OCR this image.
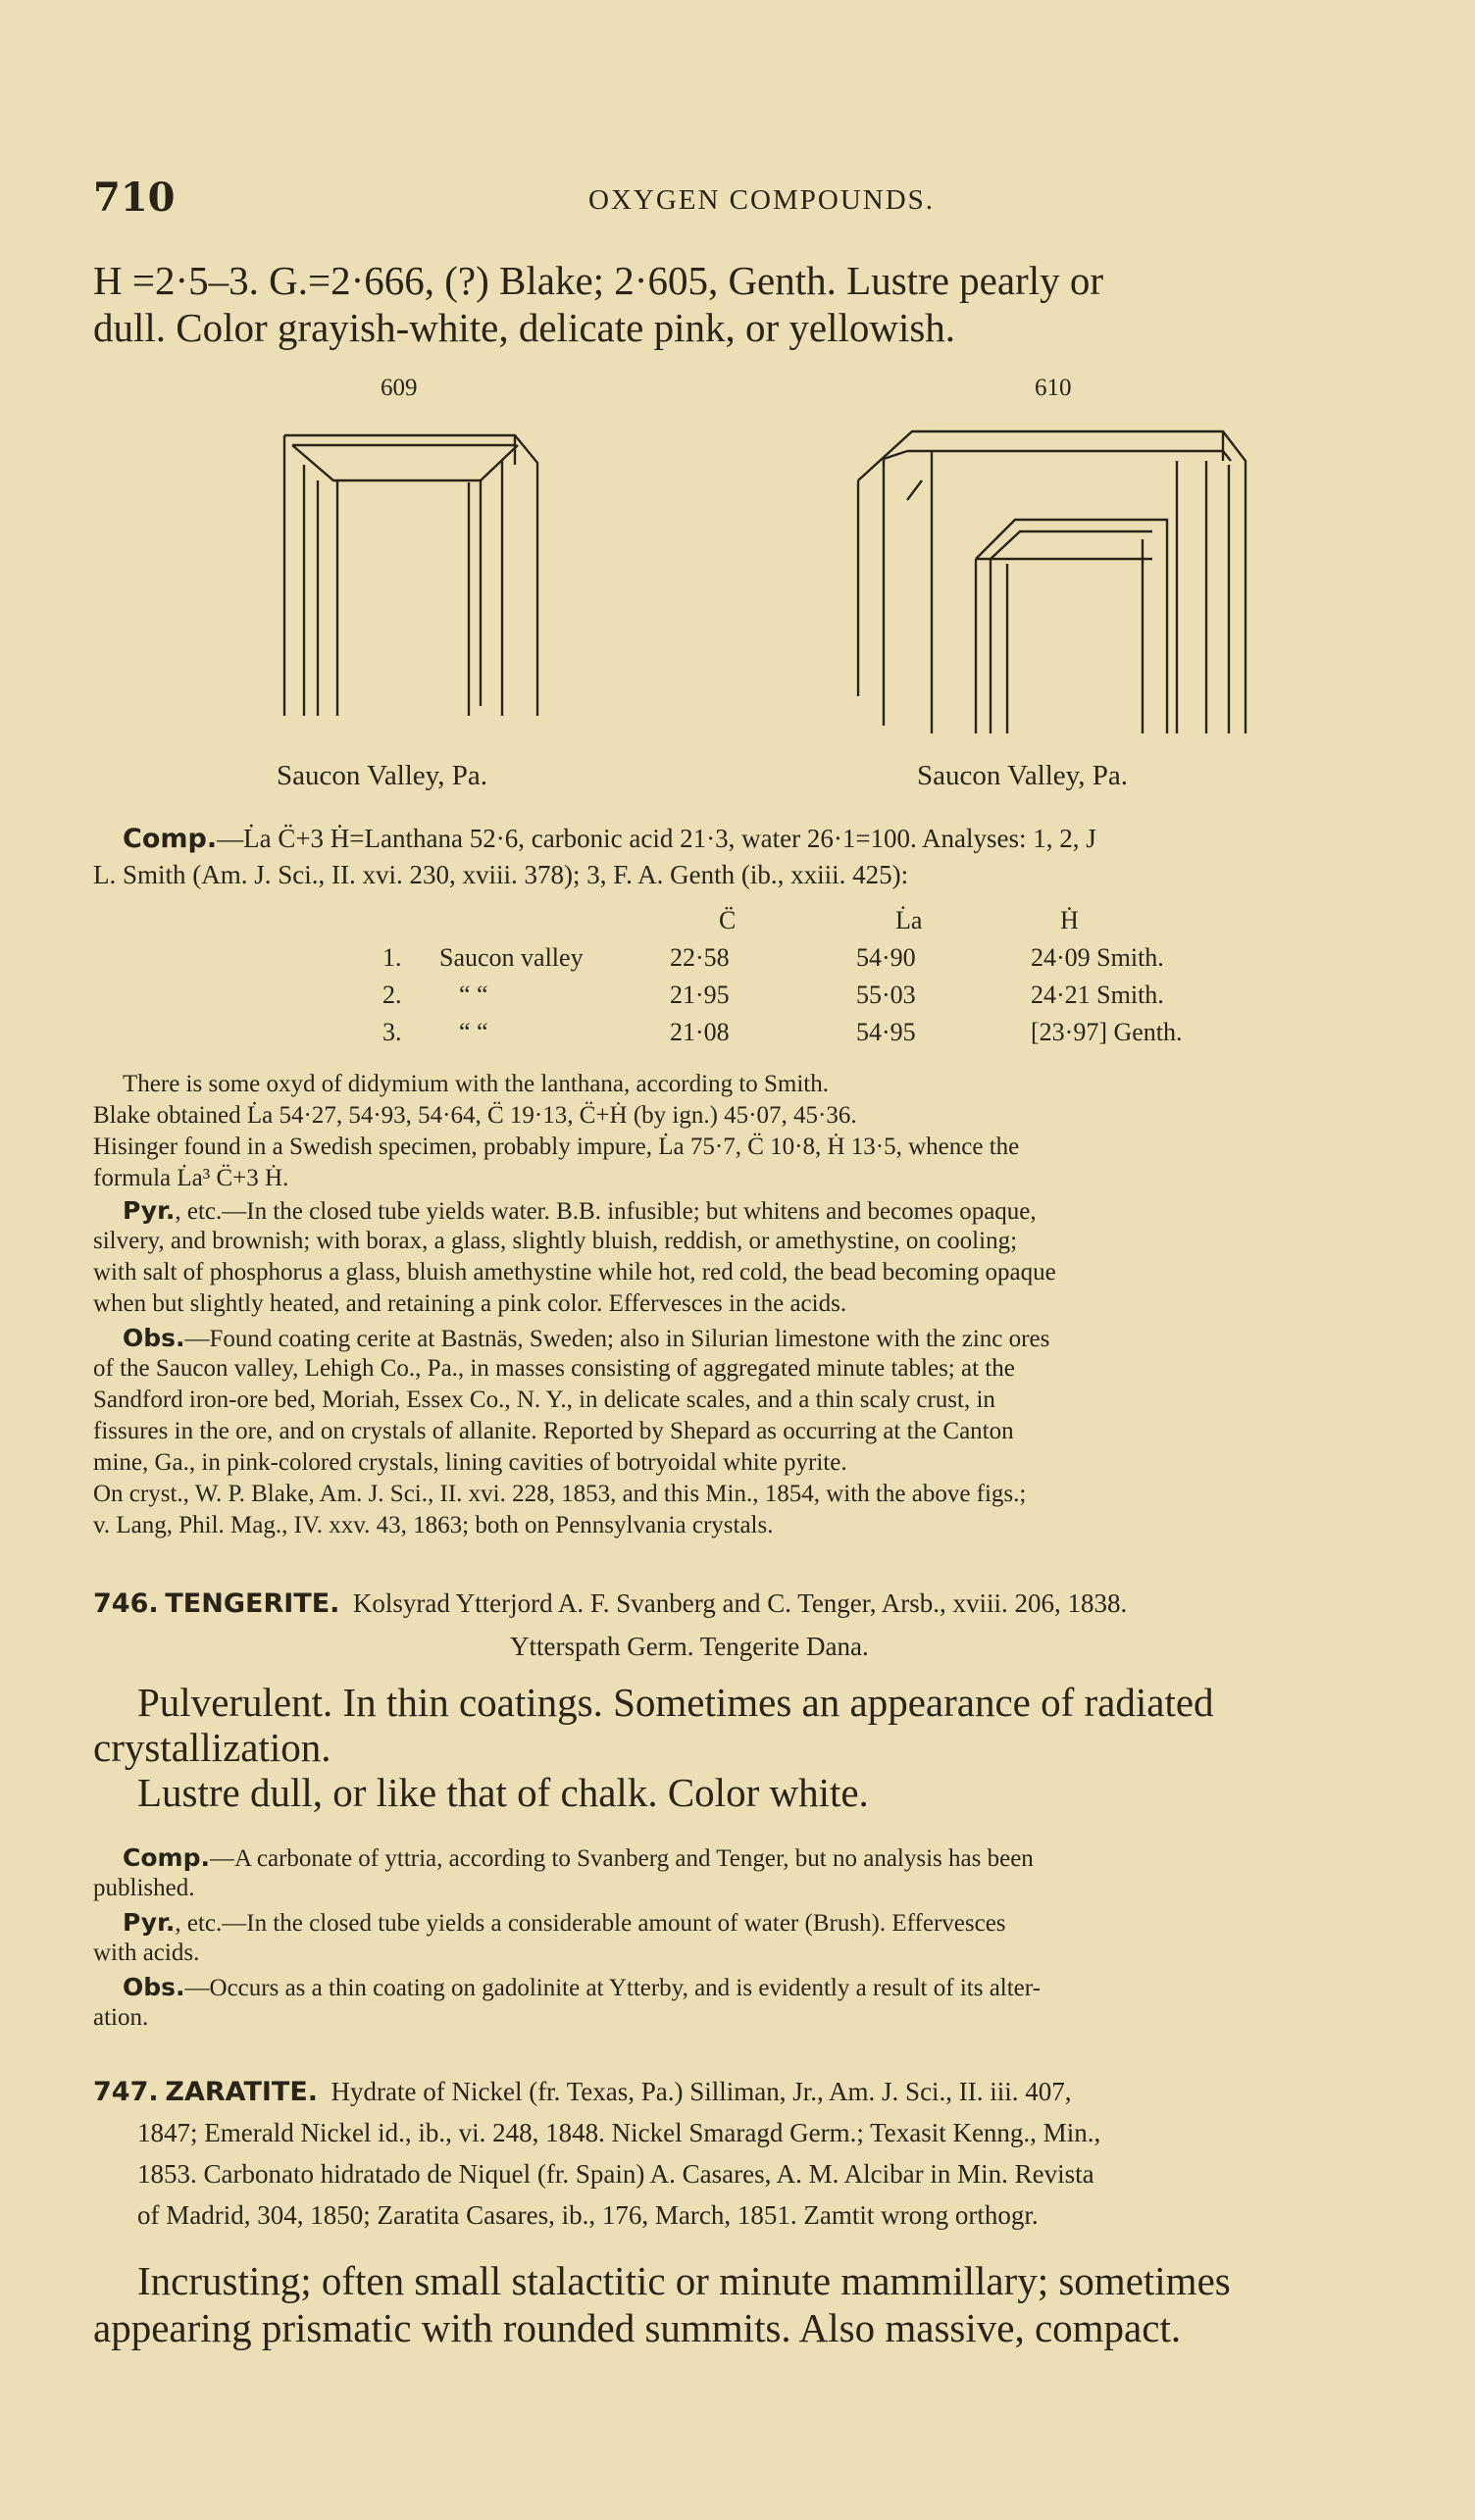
710	OXYGEN COMPOUNDS.
H =2·5–3. G.=2·666, (?) Blake; 2·605, Genth. Lustre pearly or
dull. Color grayish-white, delicate pink, or yellowish.
609	610
Saucon Valley, Pa.	Saucon Valley, Pa.
Comp.—L̇a C̈+3 Ḣ=Lanthana 52·6, carbonic acid 21·3, water 26·1=100. Analyses: 1, 2, J
L. Smith (Am. J. Sci., II. xvi. 230, xviii. 378); 3, F. A. Genth (ib., xxiii. 425):
		C̈	L̇a	Ḣ
1.	Saucon valley	22·58	54·90	24·09 Smith.
2.	“ “	21·95	55·03	24·21 Smith.
3.	“ “	21·08	54·95	[23·97] Genth.
There is some oxyd of didymium with the lanthana, according to Smith.
Blake obtained L̇a 54·27, 54·93, 54·64, C̈ 19·13, C̈+Ḣ (by ign.) 45·07, 45·36.
Hisinger found in a Swedish specimen, probably impure, L̇a 75·7, C̈ 10·8, Ḣ 13·5, whence the
formula L̇a³ C̈+3 Ḣ.
Pyr., etc.—In the closed tube yields water. B.B. infusible; but whitens and becomes opaque,
silvery, and brownish; with borax, a glass, slightly bluish, reddish, or amethystine, on cooling;
with salt of phosphorus a glass, bluish amethystine while hot, red cold, the bead becoming opaque
when but slightly heated, and retaining a pink color. Effervesces in the acids.
Obs.—Found coating cerite at Bastnäs, Sweden; also in Silurian limestone with the zinc ores
of the Saucon valley, Lehigh Co., Pa., in masses consisting of aggregated minute tables; at the
Sandford iron-ore bed, Moriah, Essex Co., N. Y., in delicate scales, and a thin scaly crust, in
fissures in the ore, and on crystals of allanite. Reported by Shepard as occurring at the Canton
mine, Ga., in pink-colored crystals, lining cavities of botryoidal white pyrite.
On cryst., W. P. Blake, Am. J. Sci., II. xvi. 228, 1853, and this Min., 1854, with the above figs.;
v. Lang, Phil. Mag., IV. xxv. 43, 1863; both on Pennsylvania crystals.
746. TENGERITE. Kolsyrad Ytterjord A. F. Svanberg and C. Tenger, Arsb., xviii. 206, 1838.
Ytterspath Germ. Tengerite Dana.
Pulverulent. In thin coatings. Sometimes an appearance of radiated
crystallization.
Lustre dull, or like that of chalk. Color white.
Comp.—A carbonate of yttria, according to Svanberg and Tenger, but no analysis has been
published.
Pyr., etc.—In the closed tube yields a considerable amount of water (Brush). Effervesces
with acids.
Obs.—Occurs as a thin coating on gadolinite at Ytterby, and is evidently a result of its alter-
ation.
747. ZARATITE. Hydrate of Nickel (fr. Texas, Pa.) Silliman, Jr., Am. J. Sci., II. iii. 407,
1847; Emerald Nickel id., ib., vi. 248, 1848. Nickel Smaragd Germ.; Texasit Kenng., Min.,
1853. Carbonato hidratado de Niquel (fr. Spain) A. Casares, A. M. Alcibar in Min. Revista
of Madrid, 304, 1850; Zaratita Casares, ib., 176, March, 1851. Zamtit wrong orthogr.
Incrusting; often small stalactitic or minute mammillary; sometimes
appearing prismatic with rounded summits. Also massive, compact.
